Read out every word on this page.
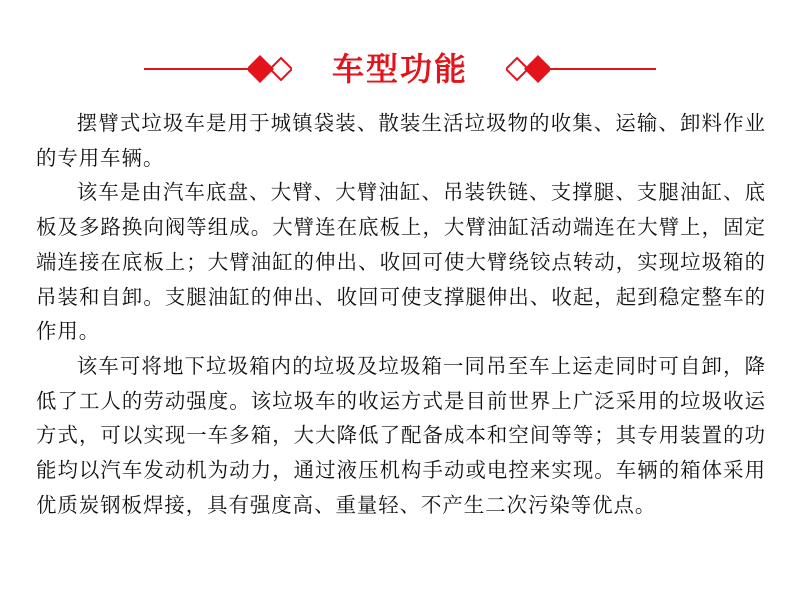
车型功能

摆臂式垃圾车是用于城镇袋装、散装生活垃圾物的收集、运输、卸料作业的专用车辆。

该车是由汽车底盘、大臂、大臂油缸、吊装铁链、支撑腿、支腿油缸、底板及多路换向阀等组成。大臂连在底板上，大臂油缸活动端连在大臂上，固定端连接在底板上；大臂油缸的伸出、收回可使大臂绕铰点转动，实现垃圾箱的吊装和自卸。支腿油缸的伸出、收回可使支撑腿伸出、收起，起到稳定整车的作用。

该车可将地下垃圾箱内的垃圾及垃圾箱一同吊至车上运走同时可自卸，降低了工人的劳动强度。该垃圾车的收运方式是目前世界上广泛采用的垃圾收运方式，可以实现一车多箱，大大降低了配备成本和空间等等；其专用装置的功能均以汽车发动机为动力，通过液压机构手动或电控来实现。车辆的箱体采用优质炭钢板焊接，具有强度高、重量轻、不产生二次污染等优点。
